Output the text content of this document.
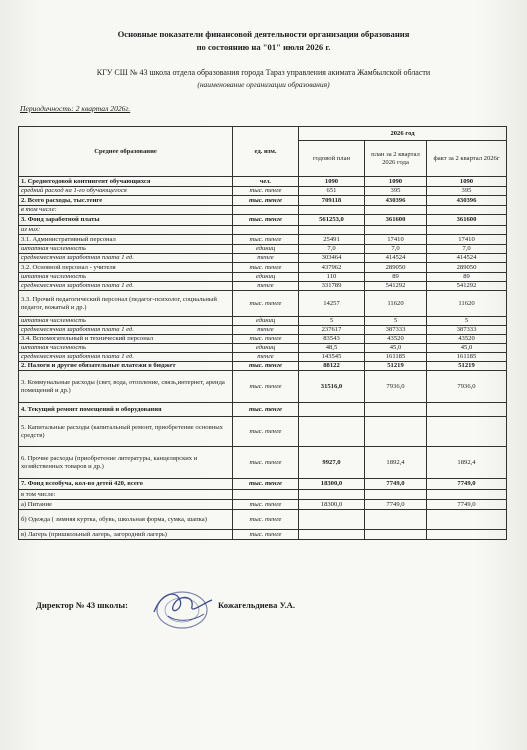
Основные показатели финансовой деятельности организации образования
по состоянию на "01" июля 2026 г.
КГУ СШ № 43 школа отдела образования города Тараз управления акимата Жамбылской области
(наименование организации образования)
Периодичность: 2 квартал 2026г.
Среднее образование	ед. изм.	2026 год		
		годовой план	план за 2 квартал 2026 года	факт за 2 квартал 2026г
1. Среднегодовой контингент обучающихся	чел.	1090	1090	1090
средний расход на 1-го обучающегося	тыс. тенге	651	395	395
2. Всего расходы, тыс.тенге	тыс. тенге	709118	430396	430396
в том числе:				
3. Фонд заработной платы	тыс. тенге	561253,0	361600	361600
из них:				
3.1. Административный персонал	тыс. тенге	25491	17410	17410
штатная численность	единиц	7,0	7,0	7,0
среднемесячная заработная плата 1 ед.	тенге	303464	414524	414524
3.2. Основной персонал - учителя	тыс. тенге	437962	289050	289050
штатная численность	единиц	110	89	89
среднемесячная заработная плата 1 ед.	тенге	331789	541292	541292
3.3. Прочий педагогический персонал (педагог-психолог, социальный педагог, вожатый и др.)	тыс. тенге	14257	11620	11620
штатная численность	единиц	5	5	5
среднемесячная заработная плата 1 ед.	тенге	237617	387333	387333
3.4. Вспомогательный и технический персонал	тыс. тенге	83543	43520	43520
штатная численность	единиц	48,5	45,0	45,0
среднемесячная заработная плата 1 ед.	тенге	143545	161185	161185
2. Налоги и другие обязательные платежи в бюджет	тыс. тенге	88122	51219	51219
3. Коммунальные расходы (свет, вода, отопление, связь,интернет, аренда помещений и др.)	тыс. тенге	31516,0	7936,0	7936,0
4. Текущий ремонт помещений и оборудования	тыс. тенге			
5. Капитальные расходы (капитальный ремонт, приобретение основных средств)	тыс. тенге			
6. Прочие расходы (приобретение литературы, канцелярских и хозяйственных товаров и др.)	тыс. тенге	9927,0	1892,4	1892,4
7. Фонд всеобуча, кол-во детей 420, всего	тыс. тенге	18300,0	7749,0	7749,0
в том числе:				
а) Питание	тыс. тенге	18300,0	7749,0	7749,0
б) Одежда ( зимняя куртка, обувь, школьная форма, сумка, шапка)	тыс. тенге			
в) Лагерь (пришкольный лагерь, загородний лагерь)	тыс. тенге			
Директор № 43 школы:	Кожагельдиева У.А.
